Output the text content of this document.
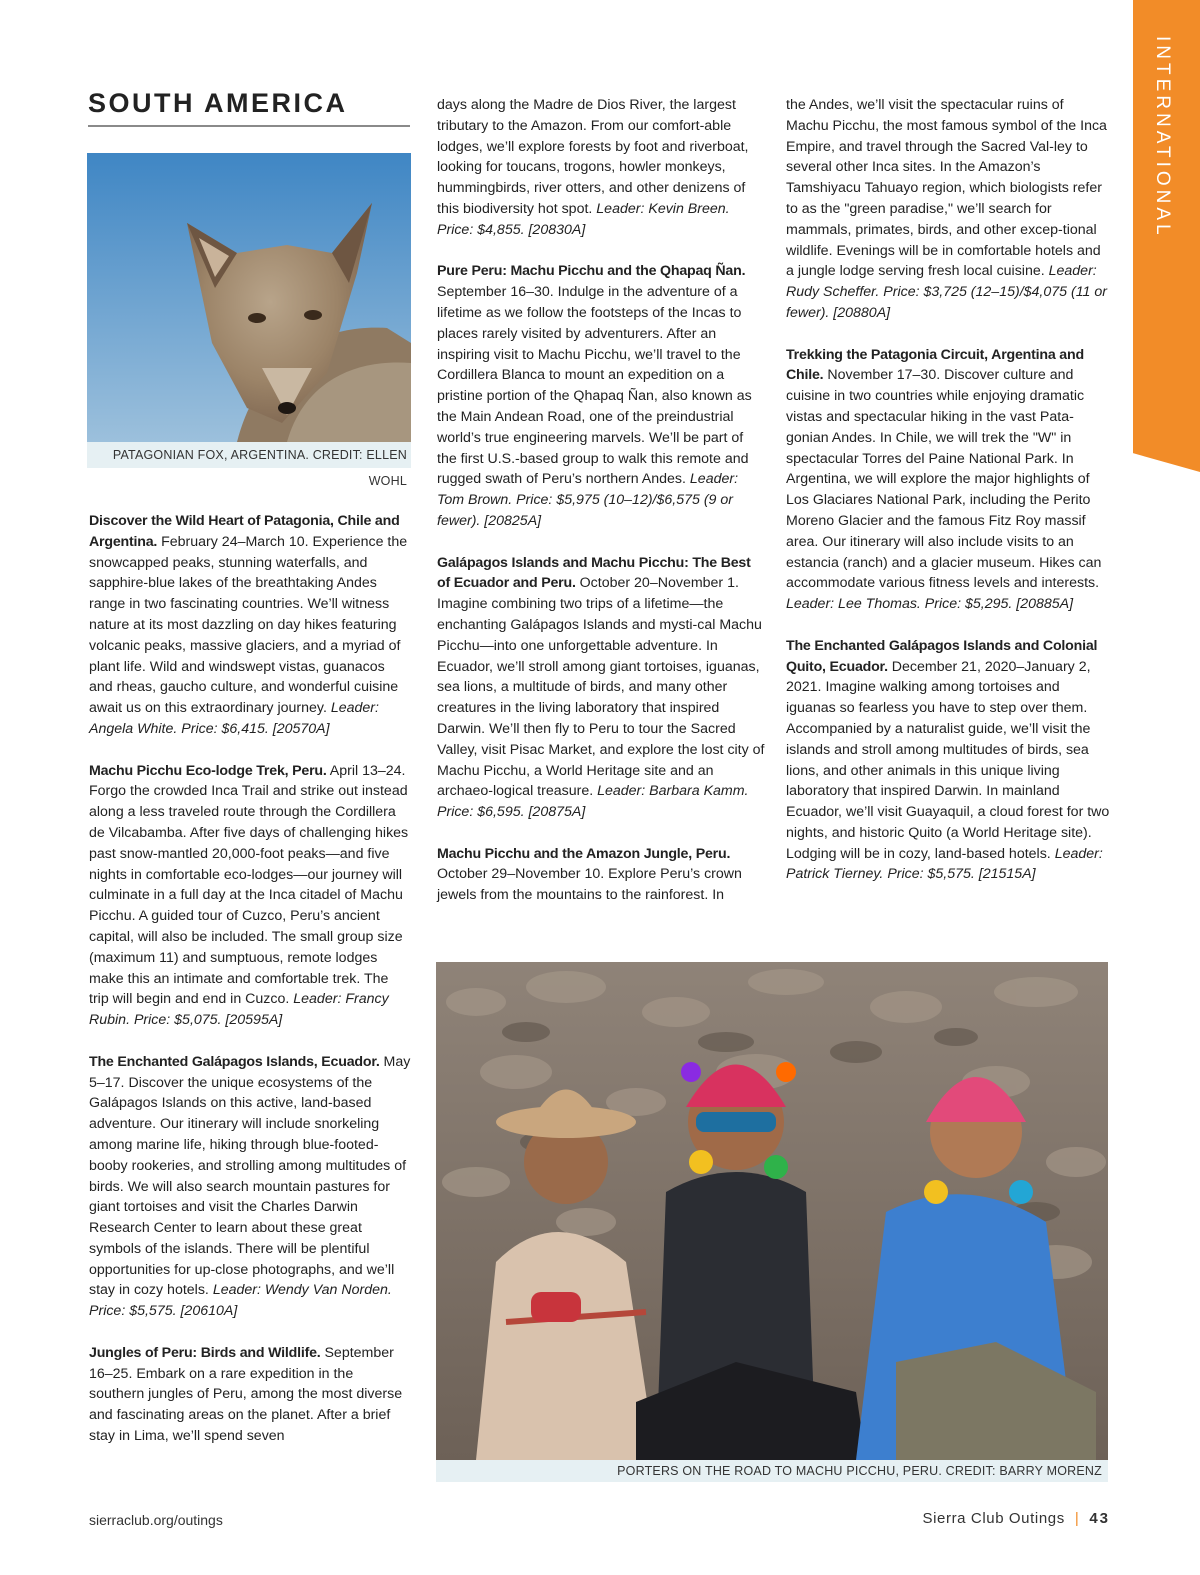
INTERNATIONAL
SOUTH AMERICA
PATAGONIAN FOX, ARGENTINA. CREDIT: ELLEN WOHL

Discover the Wild Heart of Patagonia, Chile and Argentina. February 24–March 10. Experience the snowcapped peaks, stunning waterfalls, and sapphire-blue lakes of the breathtaking Andes range in two fascinating countries. We’ll witness nature at its most dazzling on day hikes featuring volcanic peaks, massive glaciers, and a myriad of plant life. Wild and windswept vistas, guanacos and rheas, gaucho culture, and wonderful cuisine await us on this extraordinary journey. Leader: Angela White. Price: $6,415. [20570A]

Machu Picchu Eco-lodge Trek, Peru. April 13–24. Forgo the crowded Inca Trail and strike out instead along a less traveled route through the Cordillera de Vilcabamba. After five days of challenging hikes past snow-mantled 20,000-foot peaks—and five nights in comfortable eco-lodges—our journey will culminate in a full day at the Inca citadel of Machu Picchu. A guided tour of Cuzco, Peru’s ancient capital, will also be included. The small group size (maximum 11) and sumptuous, remote lodges make this an intimate and comfortable trek. The trip will begin and end in Cuzco. Leader: Francy Rubin. Price: $5,075. [20595A]

The Enchanted Galápagos Islands, Ecuador. May 5–17. Discover the unique ecosystems of the Galápagos Islands on this active, land-based adventure. Our itinerary will include snorkeling among marine life, hiking through blue-footed-booby rookeries, and strolling among multitudes of birds. We will also search mountain pastures for giant tortoises and visit the Charles Darwin Research Center to learn about these great symbols of the islands. There will be plentiful opportunities for up-close photographs, and we’ll stay in cozy hotels. Leader: Wendy Van Norden. Price: $5,575. [20610A]

Jungles of Peru: Birds and Wildlife. September 16–25. Embark on a rare expedition in the southern jungles of Peru, among the most diverse and fascinating areas on the planet. After a brief stay in Lima, we’ll spend seven

days along the Madre de Dios River, the largest tributary to the Amazon. From our comfort-able lodges, we’ll explore forests by foot and riverboat, looking for toucans, trogons, howler monkeys, hummingbirds, river otters, and other denizens of this biodiversity hot spot. Leader: Kevin Breen. Price: $4,855. [20830A]

Pure Peru: Machu Picchu and the Qhapaq Ñan. September 16–30. Indulge in the adventure of a lifetime as we follow the footsteps of the Incas to places rarely visited by adventurers. After an inspiring visit to Machu Picchu, we’ll travel to the Cordillera Blanca to mount an expedition on a pristine portion of the Qhapaq Ñan, also known as the Main Andean Road, one of the preindustrial world’s true engineering marvels. We’ll be part of the first U.S.-based group to walk this remote and rugged swath of Peru’s northern Andes. Leader: Tom Brown. Price: $5,975 (10–12)/$6,575 (9 or fewer). [20825A]

Galápagos Islands and Machu Picchu: The Best of Ecuador and Peru. October 20–November 1. Imagine combining two trips of a lifetime—the enchanting Galápagos Islands and mysti-cal Machu Picchu—into one unforgettable adventure. In Ecuador, we’ll stroll among giant tortoises, iguanas, sea lions, a multitude of birds, and many other creatures in the living laboratory that inspired Darwin. We’ll then fly to Peru to tour the Sacred Valley, visit Pisac Market, and explore the lost city of Machu Picchu, a World Heritage site and an archaeo-logical treasure. Leader: Barbara Kamm. Price: $6,595. [20875A]

Machu Picchu and the Amazon Jungle, Peru. October 29–November 10. Explore Peru’s crown jewels from the mountains to the rainforest. In

the Andes, we’ll visit the spectacular ruins of Machu Picchu, the most famous symbol of the Inca Empire, and travel through the Sacred Val-ley to several other Inca sites. In the Amazon’s Tamshiyacu Tahuayo region, which biologists refer to as the "green paradise," we’ll search for mammals, primates, birds, and other excep-tional wildlife. Evenings will be in comfortable hotels and a jungle lodge serving fresh local cuisine. Leader: Rudy Scheffer. Price: $3,725 (12–15)/$4,075 (11 or fewer). [20880A]

Trekking the Patagonia Circuit, Argentina and Chile. November 17–30. Discover culture and cuisine in two countries while enjoying dramatic vistas and spectacular hiking in the vast Pata-gonian Andes. In Chile, we will trek the "W" in spectacular Torres del Paine National Park. In Argentina, we will explore the major highlights of Los Glaciares National Park, including the Perito Moreno Glacier and the famous Fitz Roy massif area. Our itinerary will also include visits to an estancia (ranch) and a glacier museum. Hikes can accommodate various fitness levels and interests. Leader: Lee Thomas. Price: $5,295. [20885A]

The Enchanted Galápagos Islands and Colonial Quito, Ecuador. December 21, 2020–January 2, 2021. Imagine walking among tortoises and iguanas so fearless you have to step over them. Accompanied by a naturalist guide, we’ll visit the islands and stroll among multitudes of birds, sea lions, and other animals in this unique living laboratory that inspired Darwin. In mainland Ecuador, we’ll visit Guayaquil, a cloud forest for two nights, and historic Quito (a World Heritage site). Lodging will be in cozy, land-based hotels. Leader: Patrick Tierney. Price: $5,575. [21515A]

PORTERS ON THE ROAD TO MACHU PICCHU, PERU. CREDIT: BARRY MORENZ
sierraclub.org/outings	Sierra Club Outings | 43
